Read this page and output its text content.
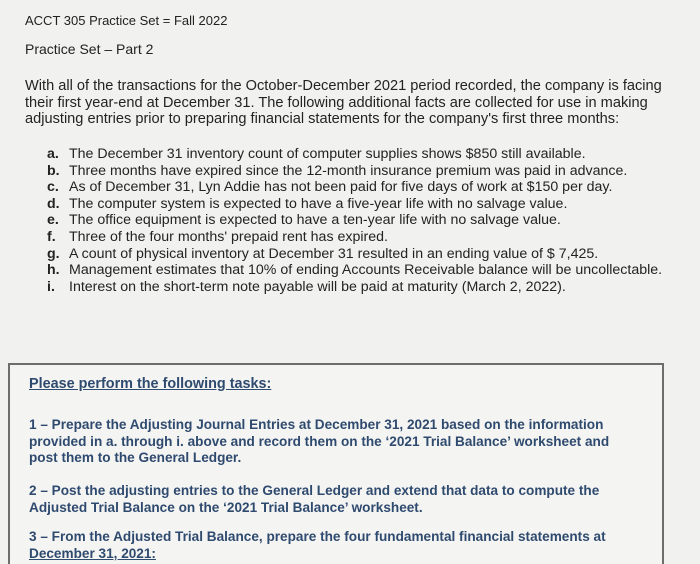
ACCT 305 Practice Set = Fall 2022
Practice Set – Part 2

With all of the transactions for the October-December 2021 period recorded, the company is facing
their first year-end at December 31. The following additional facts are collected for use in making
adjusting entries prior to preparing financial statements for the company's first three months:

a. The December 31 inventory count of computer supplies shows $850 still available.
b. Three months have expired since the 12-month insurance premium was paid in advance.
c. As of December 31, Lyn Addie has not been paid for five days of work at $150 per day.
d. The computer system is expected to have a five-year life with no salvage value.
e. The office equipment is expected to have a ten-year life with no salvage value.
f. Three of the four months' prepaid rent has expired.
g. A count of physical inventory at December 31 resulted in an ending value of $ 7,425.
h. Management estimates that 10% of ending Accounts Receivable balance will be uncollectable.
i. Interest on the short-term note payable will be paid at maturity (March 2, 2022).
Please perform the following tasks:

1 – Prepare the Adjusting Journal Entries at December 31, 2021 based on the information
provided in a. through i. above and record them on the ‘2021 Trial Balance’ worksheet and
post them to the General Ledger.

2 – Post the adjusting entries to the General Ledger and extend that data to compute the
Adjusted Trial Balance on the ‘2021 Trial Balance’ worksheet.

3 – From the Adjusted Trial Balance, prepare the four fundamental financial statements at
December 31, 2021:
